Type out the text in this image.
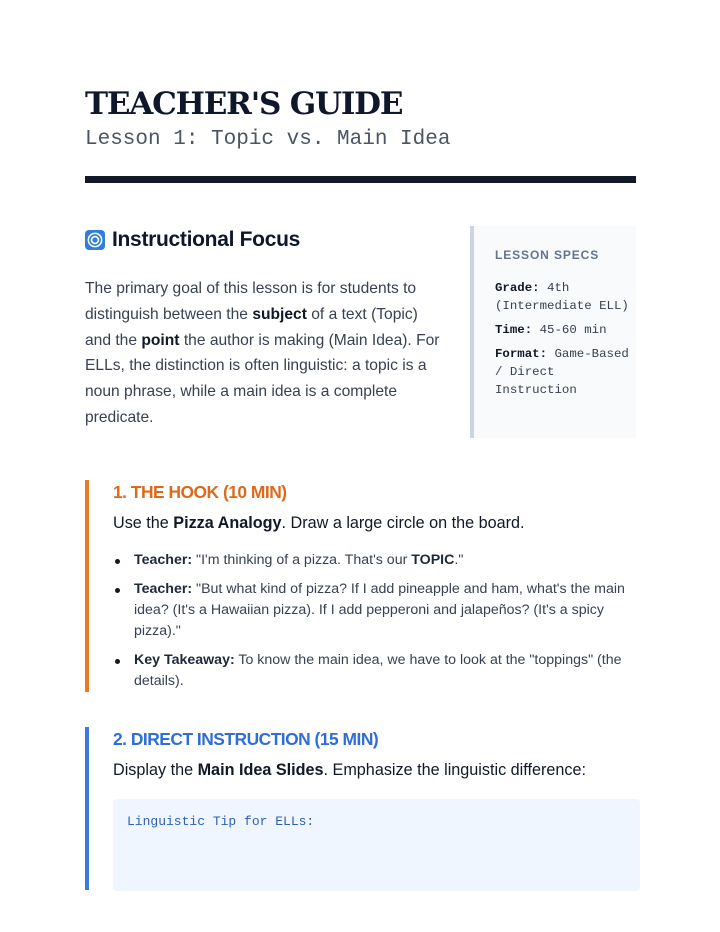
TEACHER'S GUIDE
Lesson 1: Topic vs. Main Idea
Instructional Focus

The primary goal of this lesson is for students to distinguish between the subject of a text (Topic) and the point the author is making (Main Idea). For ELLs, the distinction is often linguistic: a topic is a noun phrase, while a main idea is a complete predicate.

LESSON SPECS
Grade: 4th (Intermediate ELL)
Time: 45-60 min
Format: Game-Based / Direct Instruction
1. THE HOOK (10 MIN)

Use the Pizza Analogy. Draw a large circle on the board.

Teacher: "I'm thinking of a pizza. That's our TOPIC."
Teacher: "But what kind of pizza? If I add pineapple and ham, what's the main idea? (It's a Hawaiian pizza). If I add pepperoni and jalapeños? (It's a spicy pizza)."
Key Takeaway: To know the main idea, we have to look at the "toppings" (the details).
2. DIRECT INSTRUCTION (15 MIN)

Display the Main Idea Slides. Emphasize the linguistic difference:

Linguistic Tip for ELLs:
